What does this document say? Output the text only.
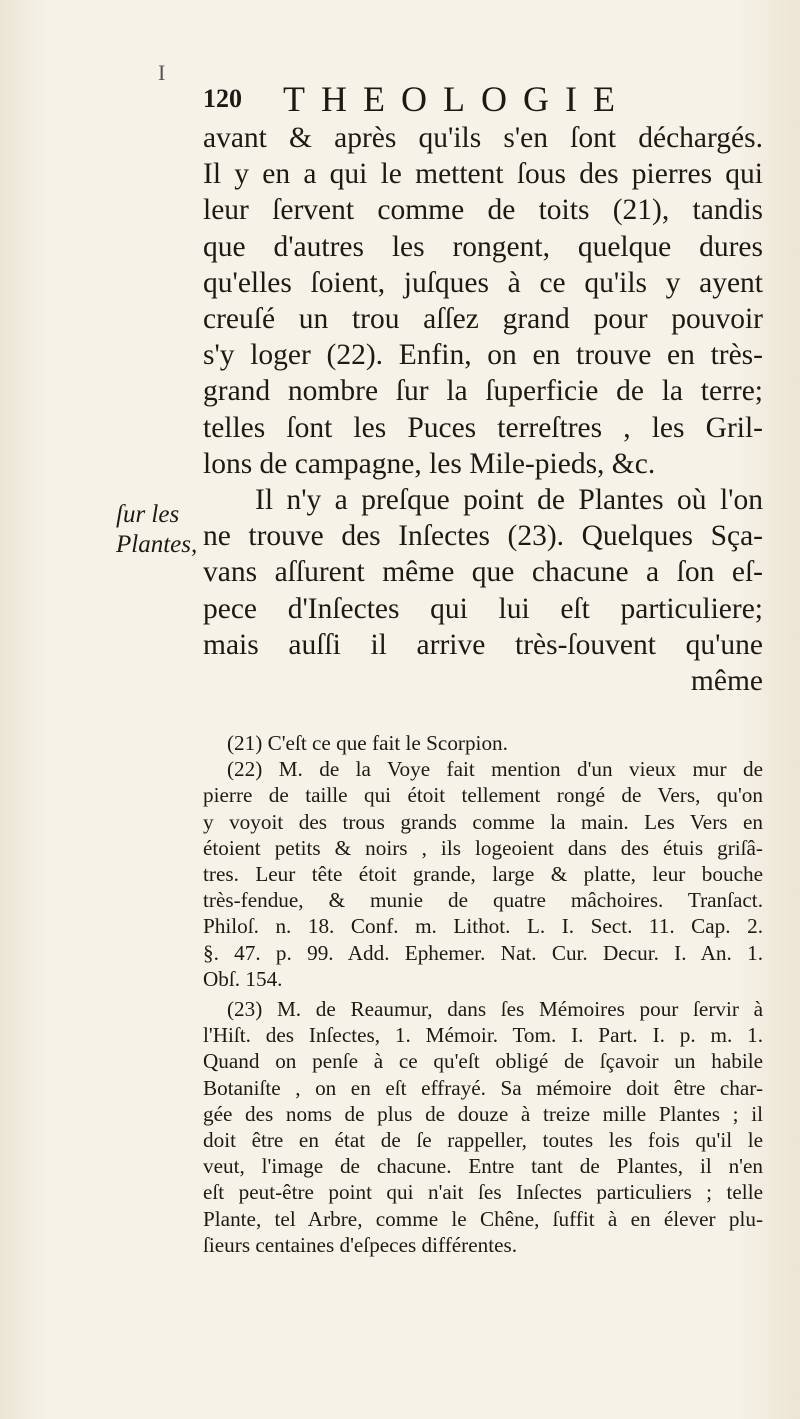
I
120 THEOLOGIE
ſur les
Plantes,
avant & après qu'ils s'en ſont déchargés.
Il y en a qui le mettent ſous des pierres qui
leur ſervent comme de toits (21), tandis
que d'autres les rongent, quelque dures
qu'elles ſoient, juſques à ce qu'ils y ayent
creuſé un trou aſſez grand pour pouvoir
s'y loger (22). Enfin, on en trouve en très-
grand nombre ſur la ſuperficie de la terre;
telles ſont les Puces terreſtres , les Gril-
lons de campagne, les Mile-pieds, &c.
Il n'y a preſque point de Plantes où l'on
ne trouve des Inſectes (23). Quelques Sça-
vans aſſurent même que chacune a ſon eſ-
pece d'Inſectes qui lui eſt particuliere;
mais auſſi il arrive très-ſouvent qu'une
même
(21) C'eſt ce que fait le Scorpion.
(22) M. de la Voye fait mention d'un vieux mur de
pierre de taille qui étoit tellement rongé de Vers, qu'on
y voyoit des trous grands comme la main. Les Vers en
étoient petits & noirs , ils logeoient dans des étuis griſâ-
tres. Leur tête étoit grande, large & platte, leur bouche
très-fendue, & munie de quatre mâchoires. Tranſact.
Philoſ. n. 18. Conf. m. Lithot. L. I. Sect. 11. Cap. 2.
§. 47. p. 99. Add. Ephemer. Nat. Cur. Decur. I. An. 1.
Obſ. 154.
(23) M. de Reaumur, dans ſes Mémoires pour ſervir à
l'Hiſt. des Inſectes, 1. Mémoir. Tom. I. Part. I. p. m. 1.
Quand on penſe à ce qu'eſt obligé de ſçavoir un habile
Botaniſte , on en eſt effrayé. Sa mémoire doit être char-
gée des noms de plus de douze à treize mille Plantes ; il
doit être en état de ſe rappeller, toutes les fois qu'il le
veut, l'image de chacune. Entre tant de Plantes, il n'en
eſt peut-être point qui n'ait ſes Inſectes particuliers ; telle
Plante, tel Arbre, comme le Chêne, ſuffit à en élever plu-
ſieurs centaines d'eſpeces différentes.
